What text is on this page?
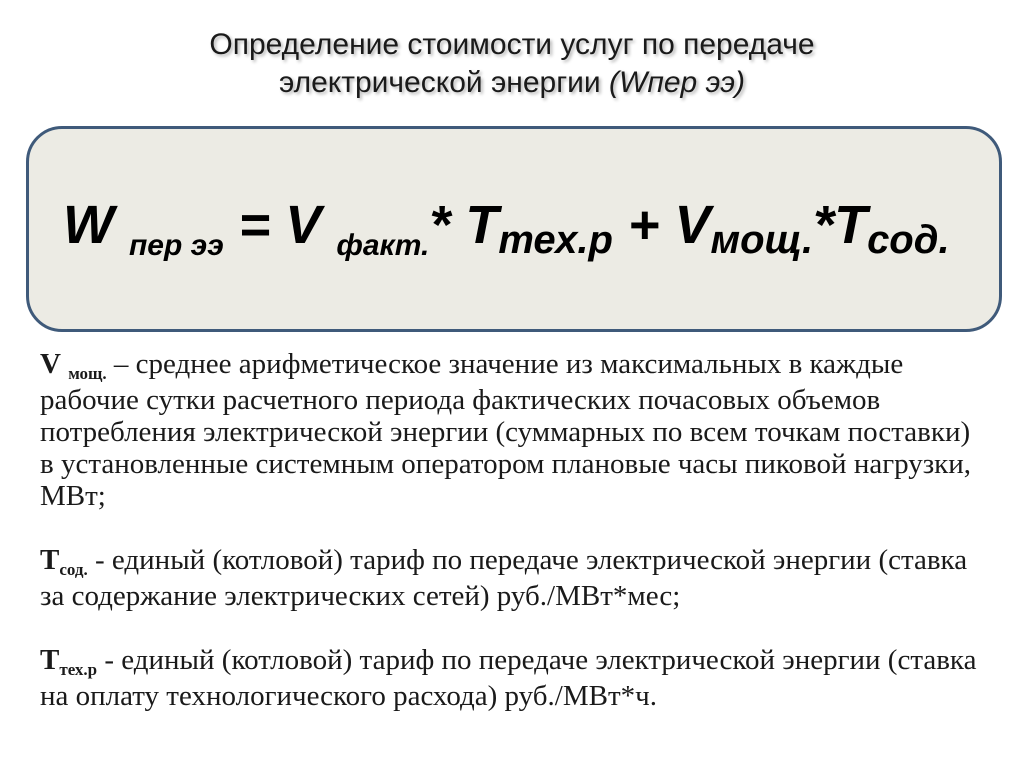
Определение стоимости услуг по передаче
электрической энергии (Wпер ээ)
W $_{пер ээ}$ = V $_{факт.}$* Tтех.р + Vмощ.*Tсод.

V $_{мощ.}$ – среднее арифметическое значение из максимальных в каждые рабочие сутки расчетного периода фактических почасовых объемов потребления электрической энергии (суммарных по всем точкам поставки) в установленные системным оператором плановые часы пиковой нагрузки, МВт;

$Т_{сод.}$ - единый (котловой) тариф по передаче электрической энергии (ставка за содержание электрических сетей) руб./МВт*мес;

$Т_{тех.р}$ - единый (котловой) тариф по передаче электрической энергии (ставка на оплату технологического расхода) руб./МВт*ч.
